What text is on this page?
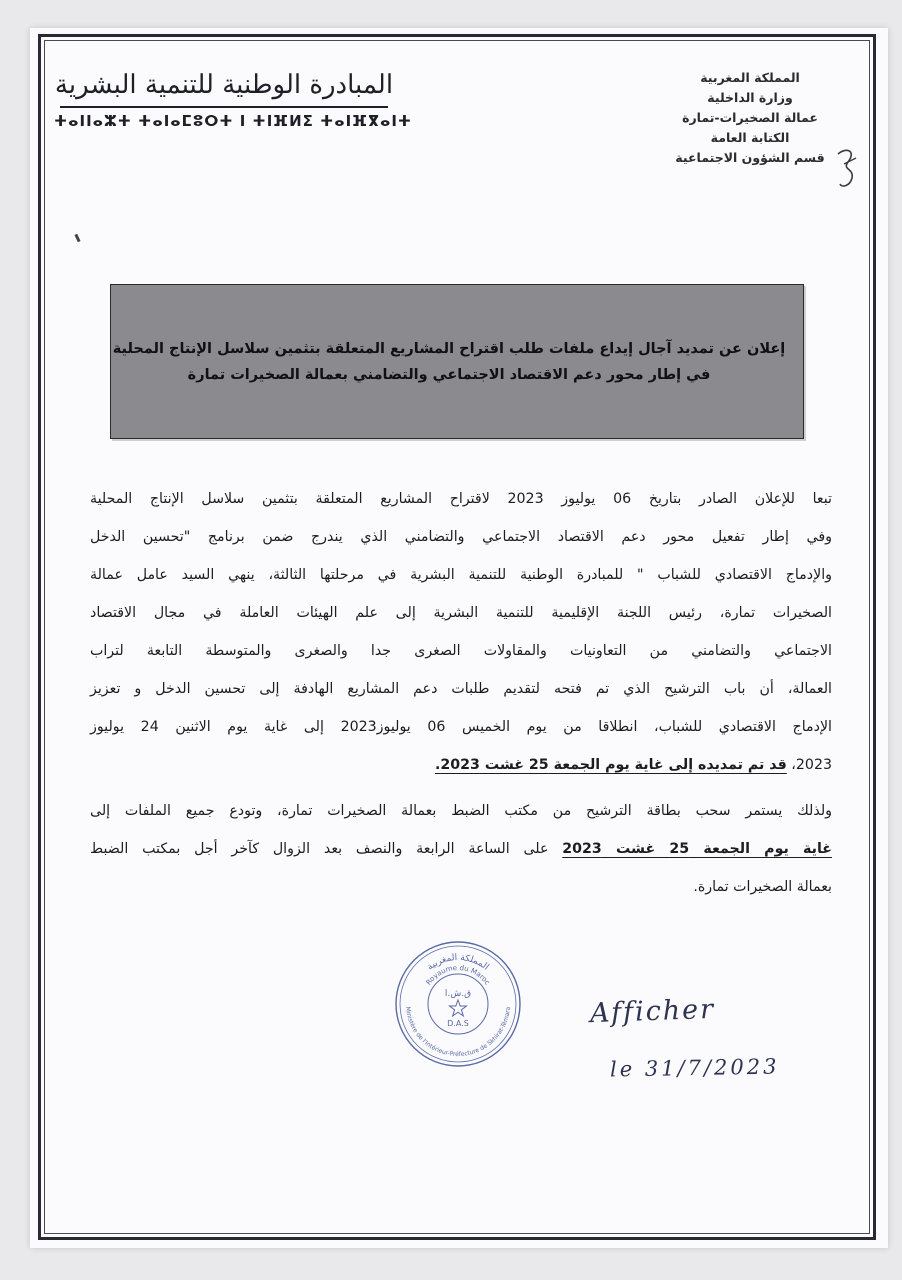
المبادرة الوطنية للتنمية البشرية
ⵜⴰⵏⵏⴰⵣⵜ ⵜⴰⵏⴰⵎⵓⵔⵜ ⵏ ⵜⵏⴼⵍⵉ ⵜⴰⵏⴼⴳⴰⵏⵜ
المملكة المغربية
وزارة الداخلية
عمالة الصخيرات-تمارة
الكتابة العامة
قسم الشؤون الاجتماعية
إعلان عن تمديد آجال إيداع ملفات طلب اقتراح المشاريع المتعلقة بتثمين سلاسل الإنتاج المحلية
في إطار محور دعم الاقتصاد الاجتماعي والتضامني بعمالة الصخيرات تمارة
تبعا للإعلان الصادر بتاريخ 06 يوليوز 2023 لاقتراح المشاريع المتعلقة بتثمين سلاسل الإنتاج المحلية
وفي إطار تفعيل محور دعم الاقتصاد الاجتماعي والتضامني الذي يندرج ضمن برنامج "تحسين الدخل
والإدماج الاقتصادي للشباب " للمبادرة الوطنية للتنمية البشرية في مرحلتها الثالثة، ينهي السيد عامل عمالة
الصخيرات تمارة، رئيس اللجنة الإقليمية للتنمية البشرية إلى علم الهيئات العاملة في مجال الاقتصاد
الاجتماعي والتضامني من التعاونيات والمقاولات الصغرى جدا والصغرى والمتوسطة التابعة لتراب
العمالة، أن باب الترشيح الذي تم فتحه لتقديم طلبات دعم المشاريع الهادفة إلى تحسين الدخل و تعزيز
الإدماج الاقتصادي للشباب، انطلاقا من يوم الخميس 06 يوليوز2023 إلى غاية يوم الاثنين 24 يوليوز
2023، قد تم تمديده إلى غاية يوم الجمعة 25 غشت 2023.
ولذلك يستمر سحب بطاقة الترشيح من مكتب الضبط بعمالة الصخيرات تمارة، وتودع جميع الملفات إلى
غاية يوم الجمعة 25 غشت 2023 على الساعة الرابعة والنصف بعد الزوال كآخر أجل بمكتب الضبط
بعمالة الصخيرات تمارة.
المملكة المغربية
Royaume du Maroc
Ministère de l'Intérieur-Préfecture de Skhirat-Témara
ق.ش.ا
D.A.S	Afficher
le 31/7/2023
